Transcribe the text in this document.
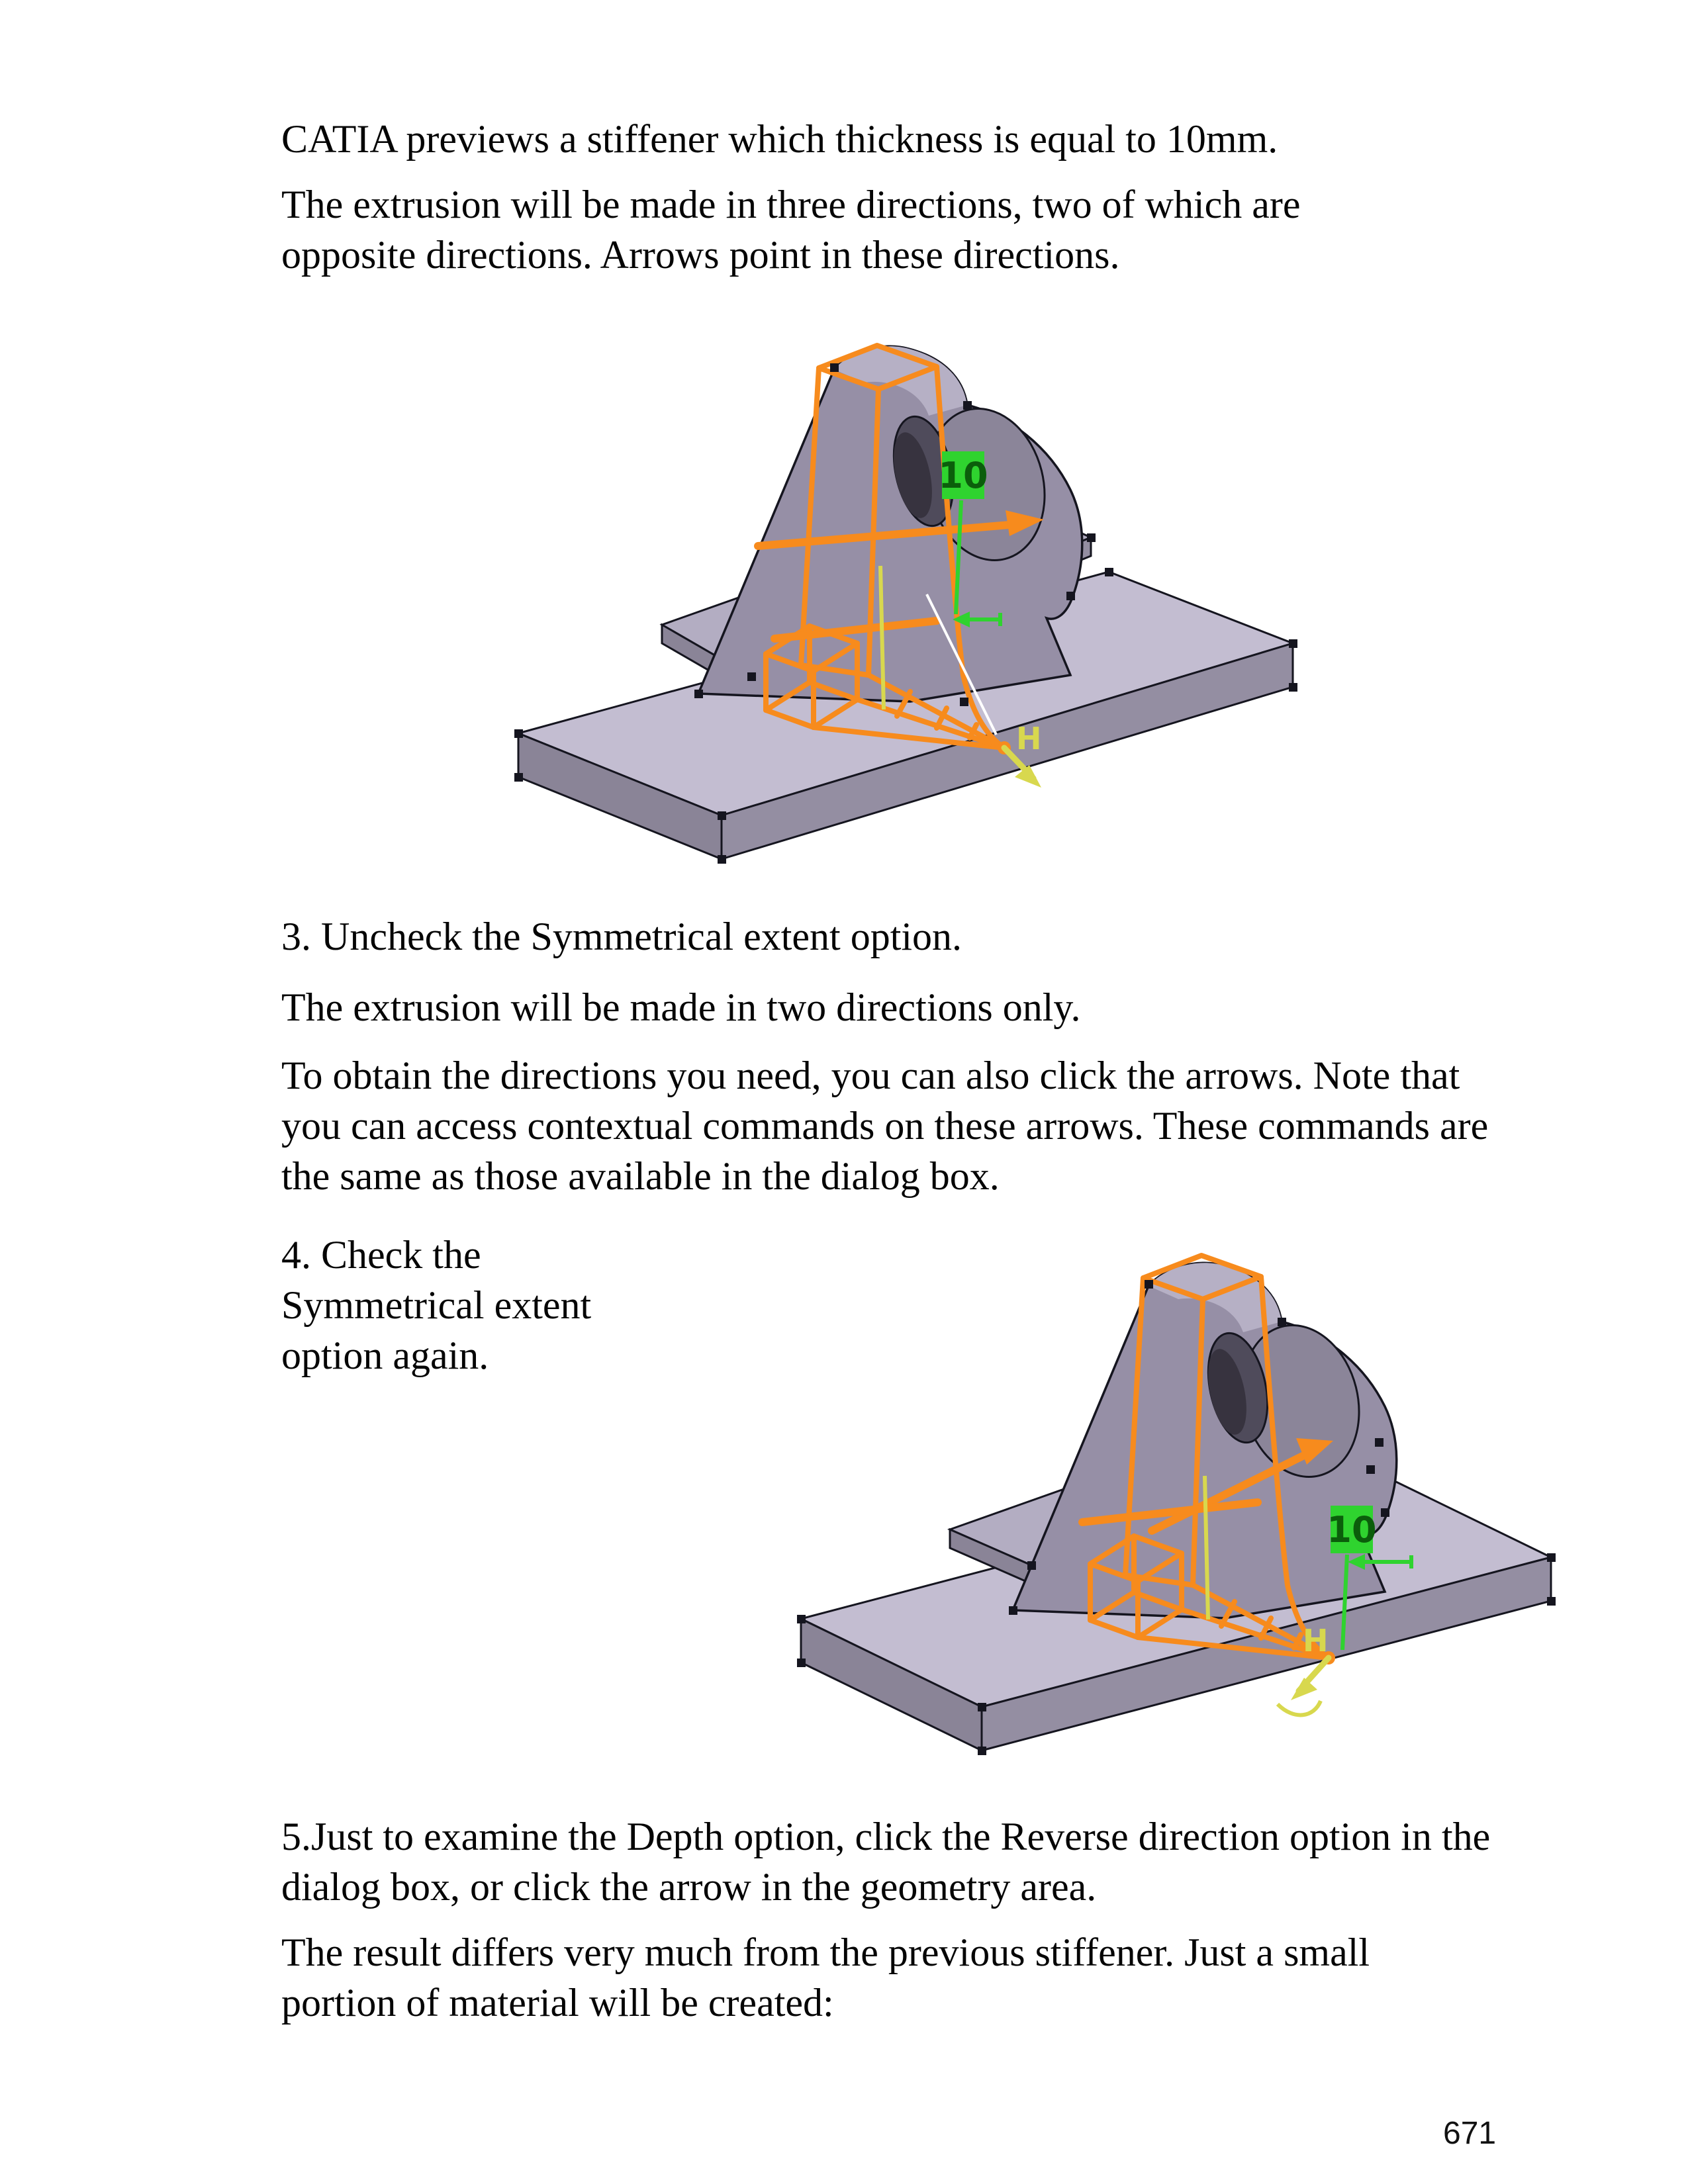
CATIA previews a stiffener which thickness is equal to 10mm.
The extrusion will be made in three directions, two of which are
opposite directions. Arrows point in these directions.
10
H
3. Uncheck the Symmetrical extent option.
The extrusion will be made in two directions only.
To obtain the directions you need, you can also click the arrows. Note that
you can access contextual commands on these arrows. These commands are
the same as those available in the dialog box.
4. Check the
Symmetrical extent
option again.
10
H
5.Just to examine the Depth option, click the Reverse direction option in the
dialog box, or click the arrow in the geometry area.
The result differs very much from the previous stiffener. Just a small
portion of material will be created:
671
